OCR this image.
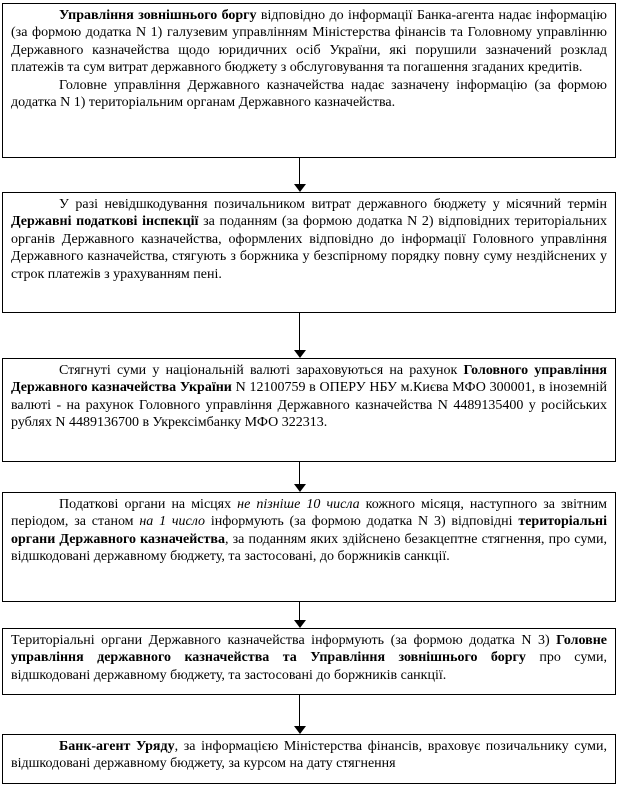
Управління зовнішнього боргу відповідно до інформації Банка-агента надає інформацію (за формою додатка N 1) галузевим управлінням Міністерства фінансів та Головному управлінню Державного казначейства щодо юридичних осіб України, які порушили зазначений розклад платежів та сум витрат державного бюджету з обслуговування та погашення згаданих кредитів.

Головне управління Державного казначейства надає зазначену інформацію (за формою додатка N 1) територіальним органам Державного казначейства.

У разі невідшкодування позичальником витрат державного бюджету у місячний термін Державні податкові інспекції за поданням (за формою додатка N 2) відповідних територіальних органів Державного казначейства, оформлених відповідно до інформації Головного управління Державного казначейства, стягують з боржника у безспірному порядку повну суму нездійснених у строк платежів з урахуванням пені.

Стягнуті суми у національній валюті зараховуються на рахунок Головного управління Державного казначейства України N 12100759 в ОПЕРУ НБУ м.Києва МФО 300001, в іноземній валюті - на рахунок Головного управління Державного казначейства N 4489135400 у російських рублях N 4489136700 в Укрексімбанку МФО 322313.

Податкові органи на місцях не пізніше 10 числа кожного місяця, наступного за звітним періодом, за станом на 1 число інформують (за формою додатка N 3) відповідні територіальні органи Державного казначейства, за поданням яких здійснено безакцептне стягнення, про суми, відшкодовані державному бюджету, та застосовані, до боржників санкції.

Територіальні органи Державного казначейства інформують (за формою додатка N 3) Головне управління державного казначейства та Управління зовнішнього боргу про суми, відшкодовані державному бюджету, та застосовані до боржників санкції.

Банк-агент Уряду, за інформацією Міністерства фінансів, враховує позичальнику суми, відшкодовані державному бюджету, за курсом на дату стягнення
